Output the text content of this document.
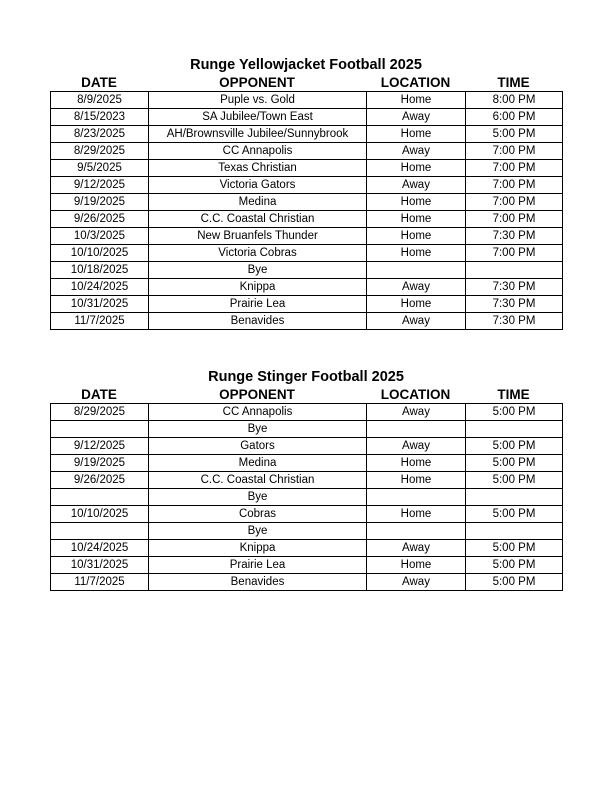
Runge Yellowjacket Football 2025
DATE	OPPONENT	LOCATION	TIME
8/9/2025	Puple vs. Gold	Home	8:00 PM
8/15/2023	SA Jubilee/Town East	Away	6:00 PM
8/23/2025	AH/Brownsville Jubilee/Sunnybrook	Home	5:00 PM
8/29/2025	CC Annapolis	Away	7:00 PM
9/5/2025	Texas Christian	Home	7:00 PM
9/12/2025	Victoria Gators	Away	7:00 PM
9/19/2025	Medina	Home	7:00 PM
9/26/2025	C.C. Coastal Christian	Home	7:00 PM
10/3/2025	New Bruanfels Thunder	Home	7:30 PM
10/10/2025	Victoria Cobras	Home	7:00 PM
10/18/2025	Bye		
10/24/2025	Knippa	Away	7:30 PM
10/31/2025	Prairie Lea	Home	7:30 PM
11/7/2025	Benavides	Away	7:30 PM
Runge Stinger Football 2025
DATE	OPPONENT	LOCATION	TIME
8/29/2025	CC Annapolis	Away	5:00 PM
	Bye		
9/12/2025	Gators	Away	5:00 PM
9/19/2025	Medina	Home	5:00 PM
9/26/2025	C.C. Coastal Christian	Home	5:00 PM
	Bye		
10/10/2025	Cobras	Home	5:00 PM
	Bye		
10/24/2025	Knippa	Away	5:00 PM
10/31/2025	Prairie Lea	Home	5:00 PM
11/7/2025	Benavides	Away	5:00 PM
